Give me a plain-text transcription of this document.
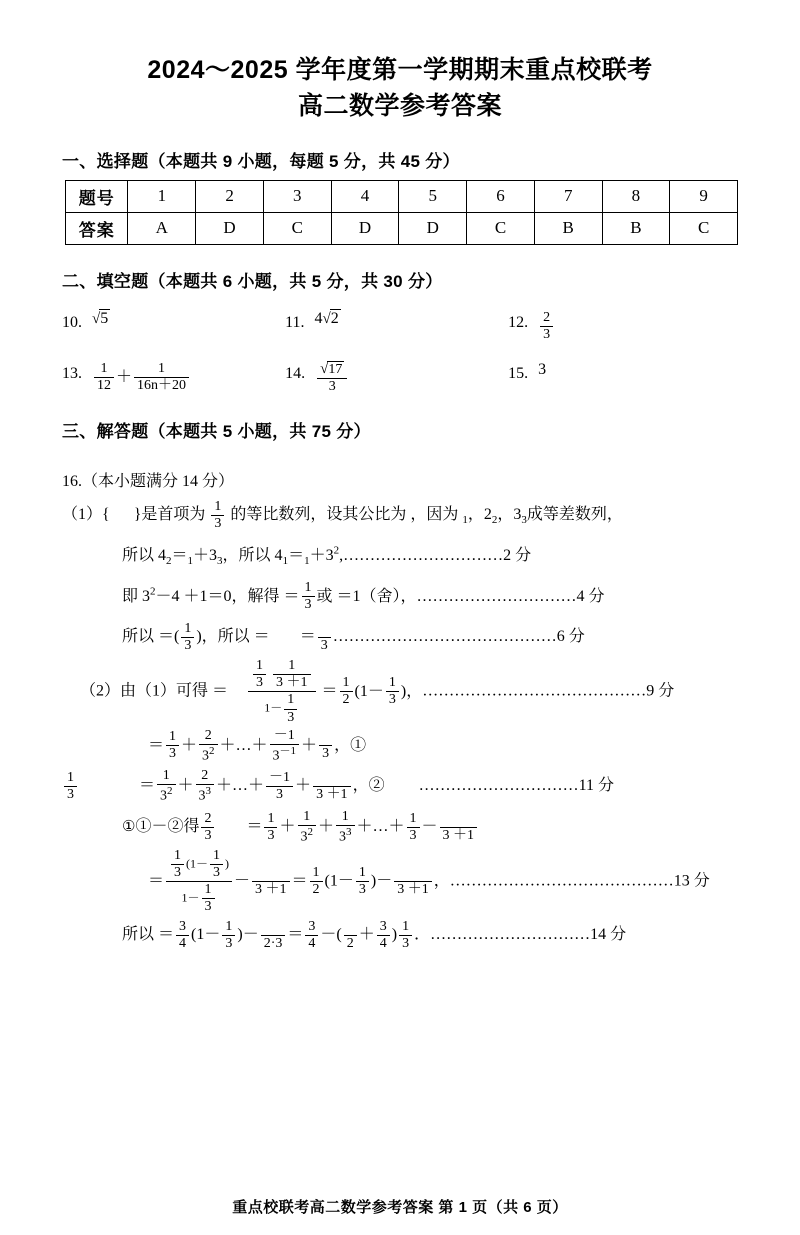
2024～2025 学年度第一学期期末重点校联考
高二数学参考答案
一、选择题（本题共 9 小题，每题 5 分，共 45 分）
题号	1	2	3	4	5	6	7	8	9
答案	A	D	C	D	D	C	B	B	C
二、填空题（本题共 6 小题，共 5 分，共 30 分）
10. √5	11. 4√2	12. $\frac{2}{3}$
13. $\frac{1}{12} + \frac{1}{16n+20}$	14. $\frac{√17}{3}$	15. 3
三、解答题（本题共 5 小题，共 75 分）
16.（本小题满分 14 分）
（1）{ }是首项为 $\frac{1}{3}$ 的等比数列，设其公比为 ，因为 $_1$，$2_2$，$3_3$成等差数列，
所以 $4_2=_1+3_3$，所以 $4_1=_1+3^2,\dots\dots\dots\dots\dots\dots\dots\dots\dots\dots 2$ 分
即 $3^2-4 +1=0$，解得 ＝ $\frac{1}{3}$ 或 ＝1（舍），…………………………4 分
所以 ＝( $\frac{1}{3}$ )，所以 ＝ ＝

3
……………………………………6 分
（2）由（1）可得 ＝ $\frac{1}{3}$
$\frac{1}{3 +1}$
$1- \frac{1}{3} = \frac{1}{2} (1- \frac{1}{3}$ )，……………………………………9 分
＝ $\frac{1}{3} + \frac{2}{3^2}$ ＋…＋ $\frac{-1}{3^{-1}}$ ＋

3
，①
$\frac{1}{3}$	＝ $\frac{1}{3^2} + \frac{2}{3^3}$ ＋…＋ $\frac{-1}{3}$ ＋

3 ＋1
，② …………………………11 分
①①－②得 $\frac{2}{3} = \frac{1}{3} + \frac{1}{3^2} + \frac{1}{3^3}$ ＋…＋ $\frac{1}{3}$ －

3 ＋1
＝ $\frac{\frac{1}{3} (1- \frac{1}{3} )}{1- \frac{1}{3}}$ －

3 ＋1
＝ $\frac{1}{2} (1- \frac{1}{3}$ )－

3 ＋1
，……………………………………13 分
所以 ＝ $\frac{3}{4} (1- \frac{1}{3}$ )－

2·3
＝ $\frac{3}{4}$ －(

2
＋ $\frac{3}{4}$ ) $\frac{1}{3}$ ．…………………………14 分
重点校联考高二数学参考答案 第 1 页（共 6 页）
